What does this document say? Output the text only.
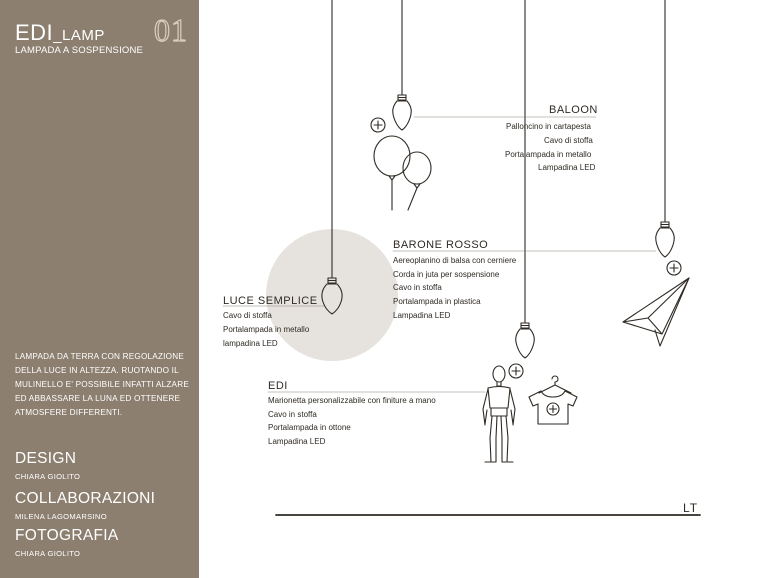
EDI_LAMP 01
LAMPADA A SOSPENSIONE
LAMPADA DA TERRA CON REGOLAZIONE DELLA LUCE IN ALTEZZA. RUOTANDO IL MULINELLO E' POSSIBILE INFATTI ALZARE ED ABBASSARE LA LUNA ED OTTENERE ATMOSFERE DIFFERENTI.
DESIGN
CHIARA GIOLITO
COLLABORAZIONI
MILENA LAGOMARSINO
FOTOGRAFIA
CHIARA GIOLITO
BALOON
Palloncino in cartapesta
Cavo di stoffa
Portalampada in metallo
Lampadina LED
BARONE ROSSO
Aereoplanino di balsa con cerniere
Corda in juta per sospensione
Cavo in stoffa
Portalampada in plastica
Lampadina LED
LUCE SEMPLICE
Cavo di stoffa
Portalampada in metallo
lampadina LED
EDI
Marionetta personalizzabile con finiture a mano
Cavo in stoffa
Portalampada in ottone
Lampadina LED
LT
